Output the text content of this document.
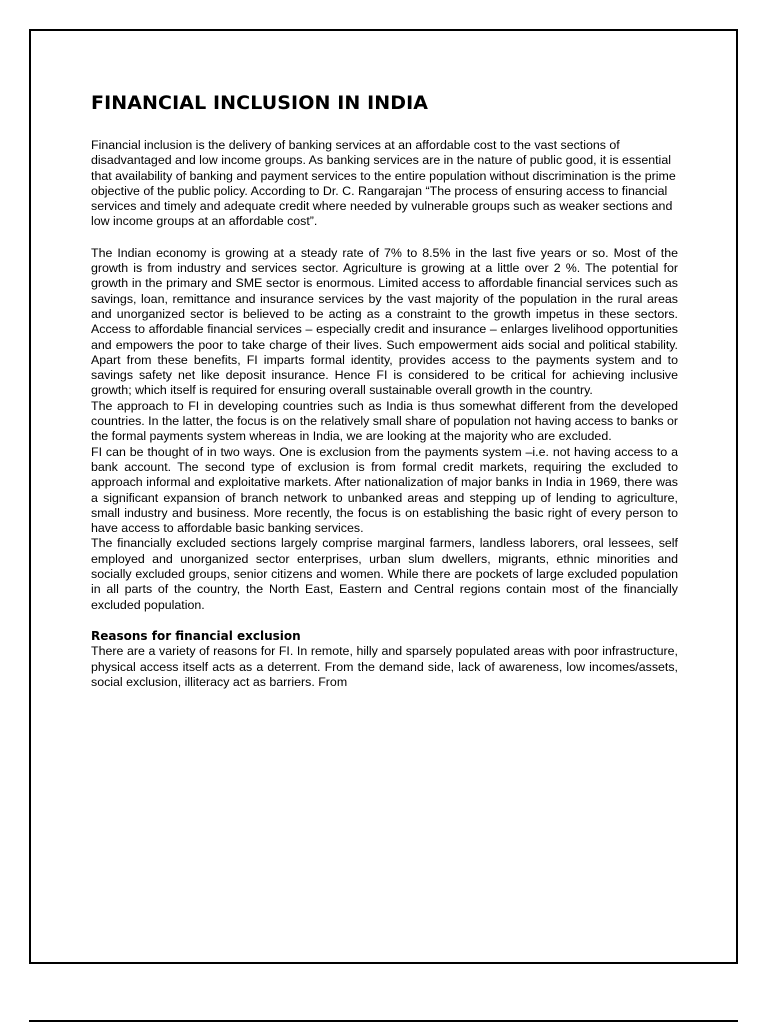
FINANCIAL INCLUSION IN INDIA

Financial inclusion is the delivery of banking services at an affordable cost to the vast sections of disadvantaged and low income groups. As banking services are in the nature of public good, it is essential that availability of banking and payment services to the entire population without discrimination is the prime objective of the public policy. According to Dr. C. Rangarajan “The process of ensuring access to financial services and timely and adequate credit where needed by vulnerable groups such as weaker sections and low income groups at an affordable cost”.

The Indian economy is growing at a steady rate of 7% to 8.5% in the last five years or so. Most of the growth is from industry and services sector. Agriculture is growing at a little over 2 %. The potential for growth in the primary and SME sector is enormous. Limited access to affordable financial services such as savings, loan, remittance and insurance services by the vast majority of the population in the rural areas and unorganized sector is believed to be acting as a constraint to the growth impetus in these sectors. Access to affordable financial services – especially credit and insurance – enlarges livelihood opportunities and empowers the poor to take charge of their lives. Such empowerment aids social and political stability. Apart from these benefits, FI imparts formal identity, provides access to the payments system and to savings safety net like deposit insurance. Hence FI is considered to be critical for achieving inclusive growth; which itself is required for ensuring overall sustainable overall growth in the country.

The approach to FI in developing countries such as India is thus somewhat different from the developed countries. In the latter, the focus is on the relatively small share of population not having access to banks or the formal payments system whereas in India, we are looking at the majority who are excluded.

FI can be thought of in two ways. One is exclusion from the payments system –i.e. not having access to a bank account. The second type of exclusion is from formal credit markets, requiring the excluded to approach informal and exploitative markets. After nationalization of major banks in India in 1969, there was a significant expansion of branch network to unbanked areas and stepping up of lending to agriculture, small industry and business. More recently, the focus is on establishing the basic right of every person to have access to affordable basic banking services.

The financially excluded sections largely comprise marginal farmers, landless laborers, oral lessees, self employed and unorganized sector enterprises, urban slum dwellers, migrants, ethnic minorities and socially excluded groups, senior citizens and women. While there are pockets of large excluded population in all parts of the country, the North East, Eastern and Central regions contain most of the financially excluded population.

Reasons for financial exclusion

There are a variety of reasons for FI. In remote, hilly and sparsely populated areas with poor infrastructure, physical access itself acts as a deterrent. From the demand side, lack of awareness, low incomes/assets, social exclusion, illiteracy act as barriers. From
